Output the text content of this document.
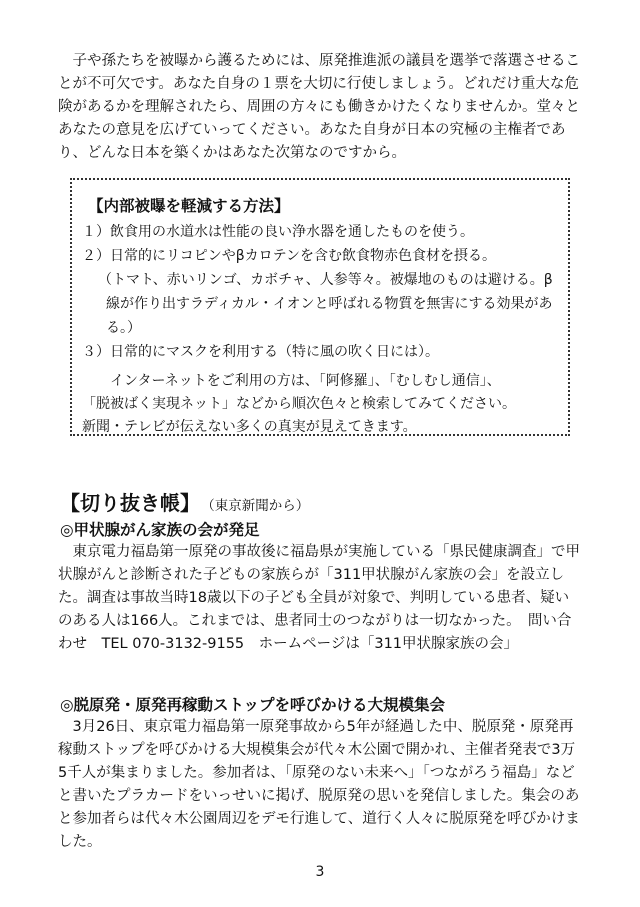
子や孫たちを被曝から護るためには、原発推進派の議員を選挙で落選させることが不可欠です。あなた自身の１票を大切に行使しましょう。どれだけ重大な危険があるかを理解されたら、周囲の方々にも働きかけたくなりませんか。堂々とあなたの意見を広げていってください。あなた自身が日本の究極の主権者であり、どんな日本を築くかはあなた次第なのですから。

【内部被曝を軽減する方法】

１）飲食用の水道水は性能の良い浄水器を通したものを使う。

２）日常的にリコピンやβカロテンを含む飲食物赤色食材を摂る。

（トマト、赤いリンゴ、カボチャ、人参等々。被爆地のものは避ける。β線が作り出すラディカル・イオンと呼ばれる物質を無害にする効果がある。）

３）日常的にマスクを利用する（特に風の吹く日には）。

インターネットをご利用の方は、「阿修羅」、「むしむし通信」、

「脱被ばく実現ネット」などから順次色々と検索してみてください。

新聞・テレビが伝えない多くの真実が見えてきます。

【切り抜き帳】 （東京新聞から）
◎甲状腺がん家族の会が発足

東京電力福島第一原発の事故後に福島県が実施している「県民健康調査」で甲状腺がんと診断された子どもの家族らが「311甲状腺がん家族の会」を設立した。調査は事故当時18歳以下の子ども全員が対象で、判明している患者、疑いのある人は166人。これまでは、患者同士のつながりは一切なかった。　問い合わせ　TEL 070-3132-9155　ホームページは「311甲状腺家族の会」

◎脱原発・原発再稼動ストップを呼びかける大規模集会

3月26日、東京電力福島第一原発事故から5年が経過した中、脱原発・原発再稼動ストップを呼びかける大規模集会が代々木公園で開かれ、主催者発表で3万5千人が集まりました。参加者は、「原発のない未来へ」「つながろう福島」などと書いたプラカードをいっせいに掲げ、脱原発の思いを発信しました。集会のあと参加者らは代々木公園周辺をデモ行進して、道行く人々に脱原発を呼びかけました。

3
